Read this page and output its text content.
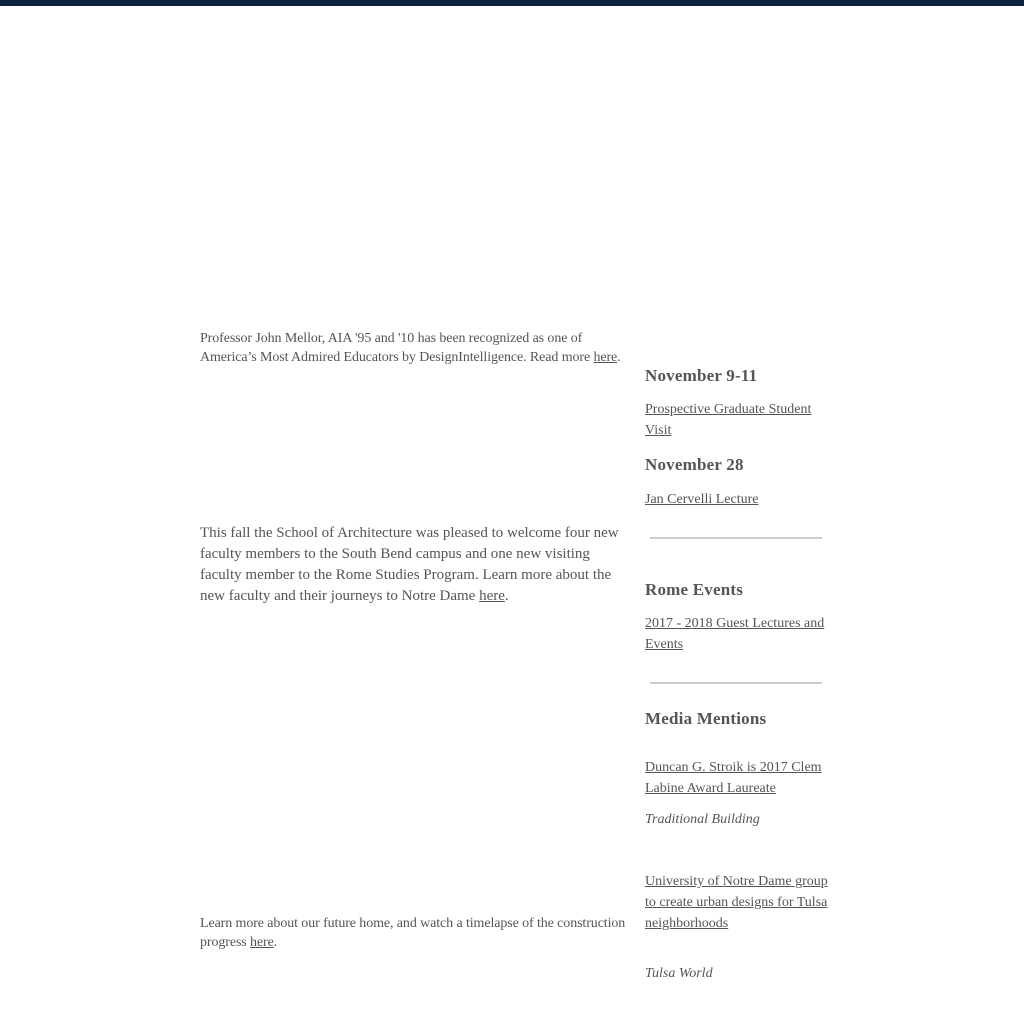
Professor John Mellor, AIA '95 and '10 has been recognized as one of America’s Most Admired Educators by DesignIntelligence. Read more here.

This fall the School of Architecture was pleased to welcome four new faculty members to the South Bend campus and one new visiting faculty member to the Rome Studies Program. Learn more about the new faculty and their journeys to Notre Dame here.

Learn more about our future home, and watch a timelapse of the construction progress here.

November 9-11
Prospective Graduate Student Visit
November 28
Jan Cervelli Lecture
Rome Events
2017 - 2018 Guest Lectures and Events
Media Mentions
Duncan G. Stroik is 2017 Clem Labine Award Laureate
Traditional Building
University of Notre Dame group to create urban designs for Tulsa neighborhoods
Tulsa World
